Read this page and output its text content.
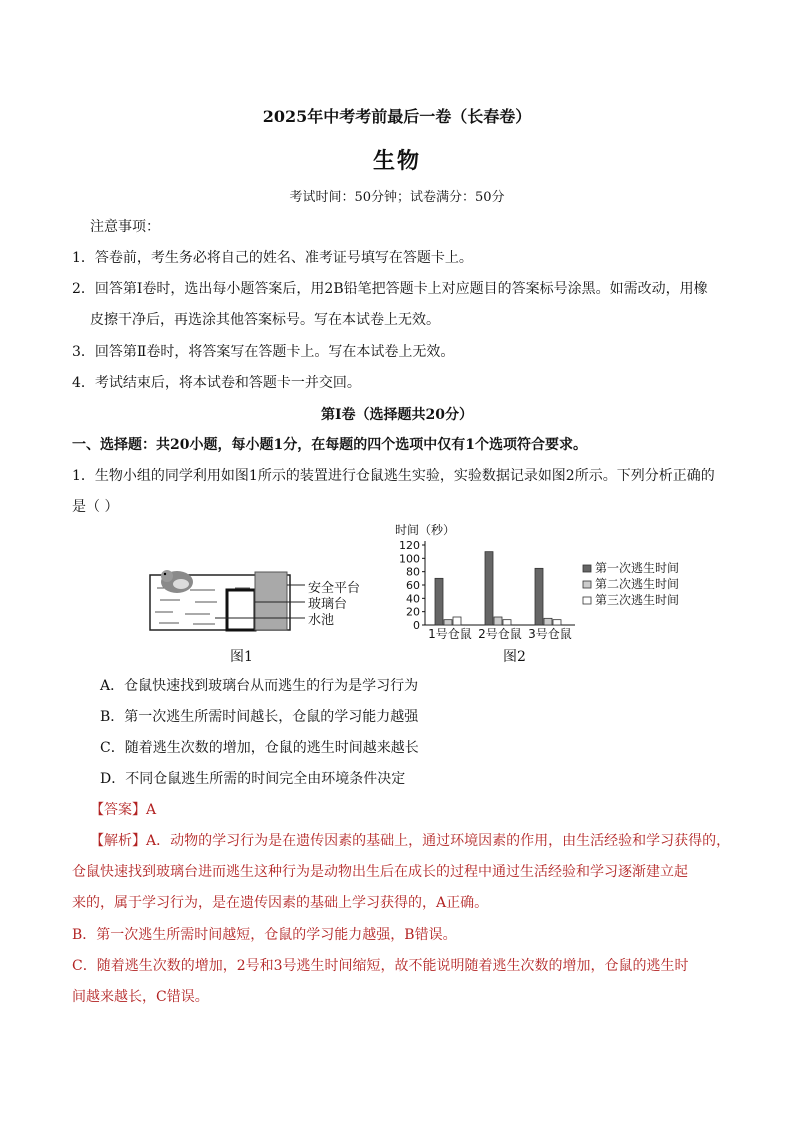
2025年中考考前最后一卷（长春卷）
生物
考试时间：50分钟；试卷满分：50分
注意事项：
1．答卷前，考生务必将自己的姓名、准考证号填写在答题卡上。
2．回答第Ⅰ卷时，选出每小题答案后，用2B铅笔把答题卡上对应题目的答案标号涂黑。如需改动，用橡
皮擦干净后，再选涂其他答案标号。写在本试卷上无效。
3．回答第Ⅱ卷时，将答案写在答题卡上。写在本试卷上无效。
4．考试结束后，将本试卷和答题卡一并交回。
第Ⅰ卷（选择题共20分）
一、选择题：共20小题，每小题1分，在每题的四个选项中仅有1个选项符合要求。
1．生物小组的同学利用如图1所示的装置进行仓鼠逃生实验，实验数据记录如图2所示。下列分析正确的
是（ ）
安全平台
玻璃台
水池
图1
时间（秒）
0
20
40
60
80
100
120
1号仓鼠 2号仓鼠 3号仓鼠
第一次逃生时间
第二次逃生时间
第三次逃生时间
图2
A．仓鼠快速找到玻璃台从而逃生的行为是学习行为
B．第一次逃生所需时间越长，仓鼠的学习能力越强
C．随着逃生次数的增加，仓鼠的逃生时间越来越长
D．不同仓鼠逃生所需的时间完全由环境条件决定
【答案】A
【解析】A．动物的学习行为是在遗传因素的基础上，通过环境因素的作用，由生活经验和学习获得的，
仓鼠快速找到玻璃台进而逃生这种行为是动物出生后在成长的过程中通过生活经验和学习逐渐建立起
来的，属于学习行为，是在遗传因素的基础上学习获得的，A正确。
B．第一次逃生所需时间越短，仓鼠的学习能力越强，B错误。
C．随着逃生次数的增加，2号和3号逃生时间缩短，故不能说明随着逃生次数的增加，仓鼠的逃生时
间越来越长，C错误。
